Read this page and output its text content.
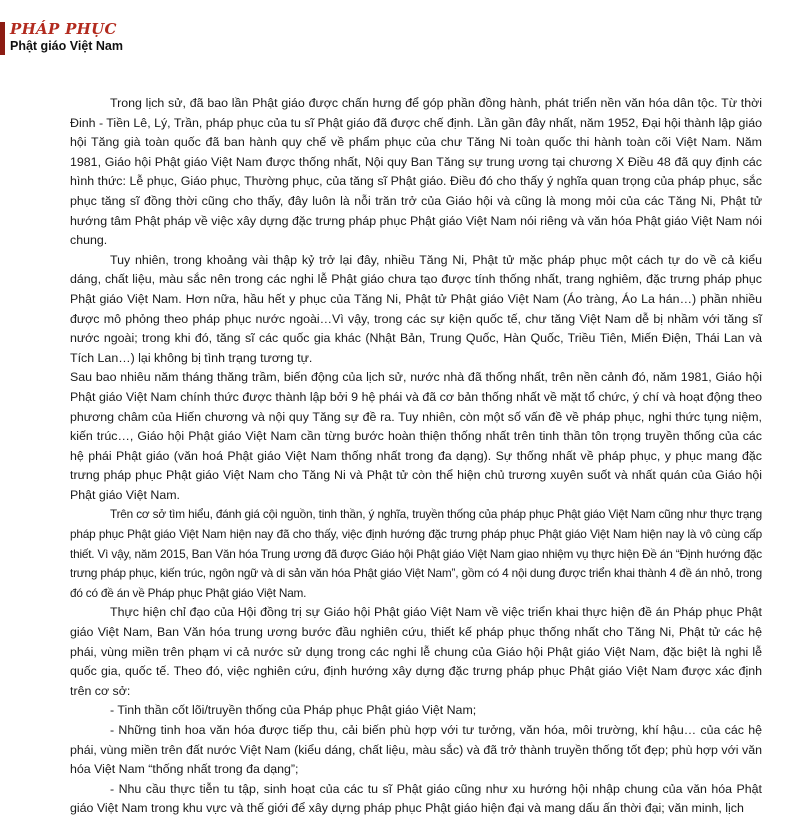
PHÁP PHỤC
Phật giáo Việt Nam

Trong lịch sử, đã bao lần Phật giáo được chấn hưng để góp phần đồng hành, phát triển nền văn hóa dân tộc. Từ thời Đinh - Tiền Lê, Lý, Trần, pháp phục của tu sĩ Phật giáo đã được chế định. Lần gần đây nhất, năm 1952, Đại hội thành lập giáo hội Tăng già toàn quốc đã ban hành quy chế về phẩm phục của chư Tăng Ni toàn quốc thi hành toàn cõi Việt Nam. Năm 1981, Giáo hội Phật giáo Việt Nam được thống nhất, Nội quy Ban Tăng sự trung ương tại chương X Điều 48 đã quy định các hình thức: Lễ phục, Giáo phục, Thường phục, của tăng sĩ Phật giáo. Điều đó cho thấy ý nghĩa quan trọng của pháp phục, sắc phục tăng sĩ đồng thời cũng cho thấy, đây luôn là nỗi trăn trở của Giáo hội và cũng là mong mỏi của các Tăng Ni, Phật tử hướng tâm Phật pháp về việc xây dựng đặc trưng pháp phục Phật giáo Việt Nam nói riêng và văn hóa Phật giáo Việt Nam nói chung.

Tuy nhiên, trong khoảng vài thập kỷ trở lại đây, nhiều Tăng Ni, Phật tử mặc pháp phục một cách tự do về cả kiểu dáng, chất liệu, màu sắc nên trong các nghi lễ Phật giáo chưa tạo được tính thống nhất, trang nghiêm, đặc trưng pháp phục Phật giáo Việt Nam. Hơn nữa, hầu hết y phục của Tăng Ni, Phật tử Phật giáo Việt Nam (Áo tràng, Áo La hán…) phần nhiều được mô phỏng theo pháp phục nước ngoài…Vì vậy, trong các sự kiện quốc tế, chư tăng Việt Nam dễ bị nhầm với tăng sĩ nước ngoài; trong khi đó, tăng sĩ các quốc gia khác (Nhật Bản, Trung Quốc, Hàn Quốc, Triều Tiên, Miến Điện, Thái Lan và Tích Lan…) lại không bị tình trạng tương tự.

Sau bao nhiêu năm tháng thăng trầm, biến động của lịch sử, nước nhà đã thống nhất, trên nền cảnh đó, năm 1981, Giáo hội Phật giáo Việt Nam chính thức được thành lập bởi 9 hệ phái và đã cơ bản thống nhất về mặt tổ chức, ý chí và hoạt động theo phương châm của Hiến chương và nội quy Tăng sự đề ra. Tuy nhiên, còn một số vấn đề về pháp phục, nghi thức tụng niệm, kiến trúc…, Giáo hội Phật giáo Việt Nam cần từng bước hoàn thiện thống nhất trên tinh thần tôn trọng truyền thống của các hệ phái Phật giáo (văn hoá Phật giáo Việt Nam thống nhất trong đa dạng). Sự thống nhất về pháp phục, y phục mang đặc trưng pháp phục Phật giáo Việt Nam cho Tăng Ni và Phật tử còn thể hiện chủ trương xuyên suốt và nhất quán của Giáo hội Phật giáo Việt Nam.

Trên cơ sở tìm hiểu, đánh giá cội nguồn, tinh thần, ý nghĩa, truyền thống của pháp phục Phật giáo Việt Nam cũng như thực trạng pháp phục Phật giáo Việt Nam hiện nay đã cho thấy, việc định hướng đặc trưng pháp phục Phật giáo Việt Nam hiện nay là vô cùng cấp thiết. Vì vậy, năm 2015, Ban Văn hóa Trung ương đã được Giáo hội Phật giáo Việt Nam giao nhiệm vụ thực hiện Đề án “Định hướng đặc trưng pháp phục, kiến trúc, ngôn ngữ và di sản văn hóa Phật giáo Việt Nam”, gồm có 4 nội dung được triển khai thành 4 đề án nhỏ, trong đó có đề án về Pháp phục Phật giáo Việt Nam.

Thực hiện chỉ đạo của Hội đồng trị sự Giáo hội Phật giáo Việt Nam về việc triển khai thực hiện đề án Pháp phục Phật giáo Việt Nam, Ban Văn hóa trung ương bước đầu nghiên cứu, thiết kế pháp phục thống nhất cho Tăng Ni, Phật tử các hệ phái, vùng miền trên phạm vi cả nước sử dụng trong các nghi lễ chung của Giáo hội Phật giáo Việt Nam, đặc biệt là nghi lễ quốc gia, quốc tế. Theo đó, việc nghiên cứu, định hướng xây dựng đặc trưng pháp phục Phật giáo Việt Nam được xác định trên cơ sở:

- Tinh thần cốt lõi/truyền thống của Pháp phục Phật giáo Việt Nam;

- Những tinh hoa văn hóa được tiếp thu, cải biến phù hợp với tư tưởng, văn hóa, môi trường, khí hậu… của các hệ phái, vùng miền trên đất nước Việt Nam (kiểu dáng, chất liệu, màu sắc) và đã trở thành truyền thống tốt đẹp; phù hợp với văn hóa Việt Nam “thống nhất trong đa dạng”;

- Nhu cầu thực tiễn tu tập, sinh hoạt của các tu sĩ Phật giáo cũng như xu hướng hội nhập chung của văn hóa Phật giáo Việt Nam trong khu vực và thế giới để xây dựng pháp phục Phật giáo hiện đại và mang dấu ấn thời đại; văn minh, lịch
